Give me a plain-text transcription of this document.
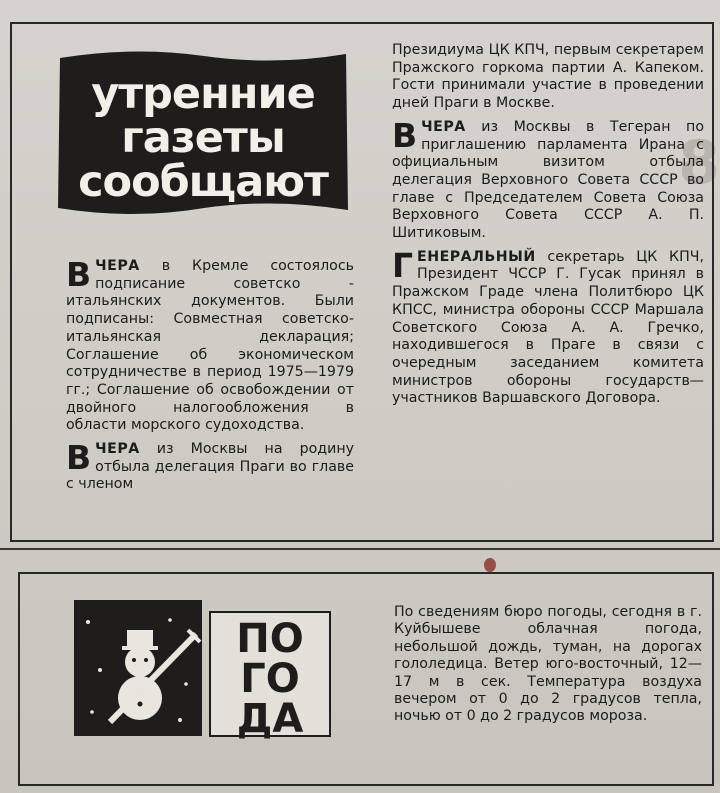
8
утренние
газеты
сообщают

ВЧЕРА в Кремле состоялось подписание советско - итальянских документов. Были подписаны: Совместная советско-итальянская декларация; Соглашение об экономическом сотрудничестве в период 1975—1979 гг.; Соглашение об освобождении от двойного налогообложения в области морского судоходства.

ВЧЕРА из Москвы на родину отбыла делегация Праги во главе с членом

Президиума ЦК КПЧ, первым секретарем Пражского горкома партии А. Капеком. Гости принимали участие в проведении дней Праги в Москве.

ВЧЕРА из Москвы в Тегеран по приглашению парламента Ирана с официальным визитом отбыла делегация Верховного Совета СССР во главе с Председателем Совета Союза Верховного Совета СССР А. П. Шитиковым.

ГЕНЕРАЛЬНЫЙ секретарь ЦК КПЧ, Президент ЧССР Г. Гусак принял в Пражском Граде члена Политбюро ЦК КПСС, министра обороны СССР Маршала Советского Союза А. А. Гречко, находившегося в Праге в связи с очередным заседанием комитета министров обороны государств—участников Варшавского Договора.

ПО
ГО
ДА
По сведениям бюро погоды, сегодня в г. Куйбышеве облачная погода, небольшой дождь, туман, на дорогах гололедица. Ветер юго-восточный, 12—17 м в сек. Температура воздуха вечером от 0 до 2 градусов тепла, ночью от 0 до 2 градусов мороза.
